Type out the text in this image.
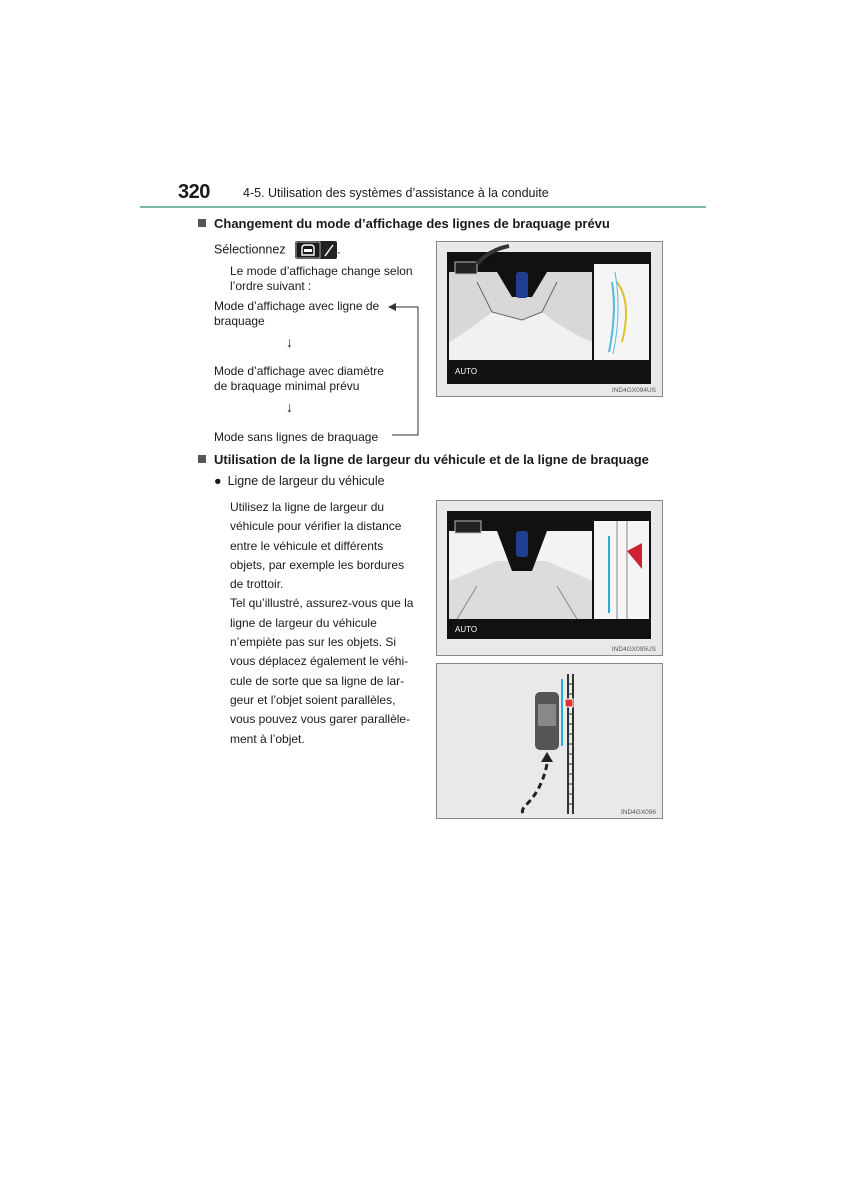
320	4-5. Utilisation des systèmes d’assistance à la conduite
Changement du mode d’affichage des lignes de braquage prévu
Sélectionnez	.
Le mode d’affichage change selon
l’ordre suivant :
Mode d’affichage avec ligne de
braquage
↓
Mode d’affichage avec diamètre
de braquage minimal prévu
↓
Mode sans lignes de braquage
AUTO
IND4GX094US
Utilisation de la ligne de largeur du véhicule et de la ligne de braquage
● Ligne de largeur du véhicule
Utilisez la ligne de largeur du
véhicule pour vérifier la distance
entre le véhicule et différents
objets, par exemple les bordures
de trottoir.
Tel qu’illustré, assurez-vous que la
ligne de largeur du véhicule
n’empiète pas sur les objets. Si
vous déplacez également le véhi-
cule de sorte que sa ligne de lar-
geur et l’objet soient parallèles,
vous pouvez vous garer parallèle-
ment à l’objet.
AUTO
IND4GX095US
IND4GX096
